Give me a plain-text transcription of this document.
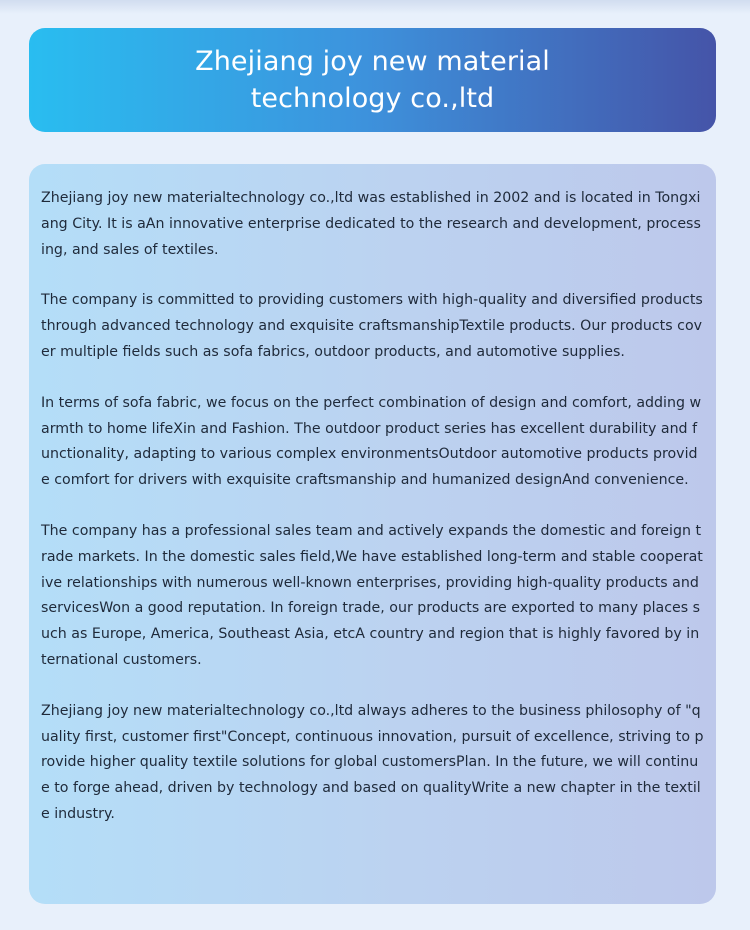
Zhejiang joy new material technology co.,ltd

Zhejiang joy new materialtechnology co.,ltd was established in 2002 and is located in Tongxiang City. It is aAn innovative enterprise dedicated to the research and development, processing, and sales of textiles.

The company is committed to providing customers with high-quality and diversified products through advanced technology and exquisite craftsmanshipTextile products. Our products cover multiple fields such as sofa fabrics, outdoor products, and automotive supplies.

In terms of sofa fabric, we focus on the perfect combination of design and comfort, adding warmth to home lifeXin and Fashion. The outdoor product series has excellent durability and functionality, adapting to various complex environmentsOutdoor automotive products provide comfort for drivers with exquisite craftsmanship and humanized designAnd convenience.

The company has a professional sales team and actively expands the domestic and foreign trade markets. In the domestic sales field,We have established long-term and stable cooperative relationships with numerous well-known enterprises, providing high-quality products and servicesWon a good reputation. In foreign trade, our products are exported to many places such as Europe, America, Southeast Asia, etcA country and region that is highly favored by international customers.

Zhejiang joy new materialtechnology co.,ltd always adheres to the business philosophy of "quality first, customer first"Concept, continuous innovation, pursuit of excellence, striving to provide higher quality textile solutions for global customersPlan. In the future, we will continue to forge ahead, driven by technology and based on qualityWrite a new chapter in the textile industry.
